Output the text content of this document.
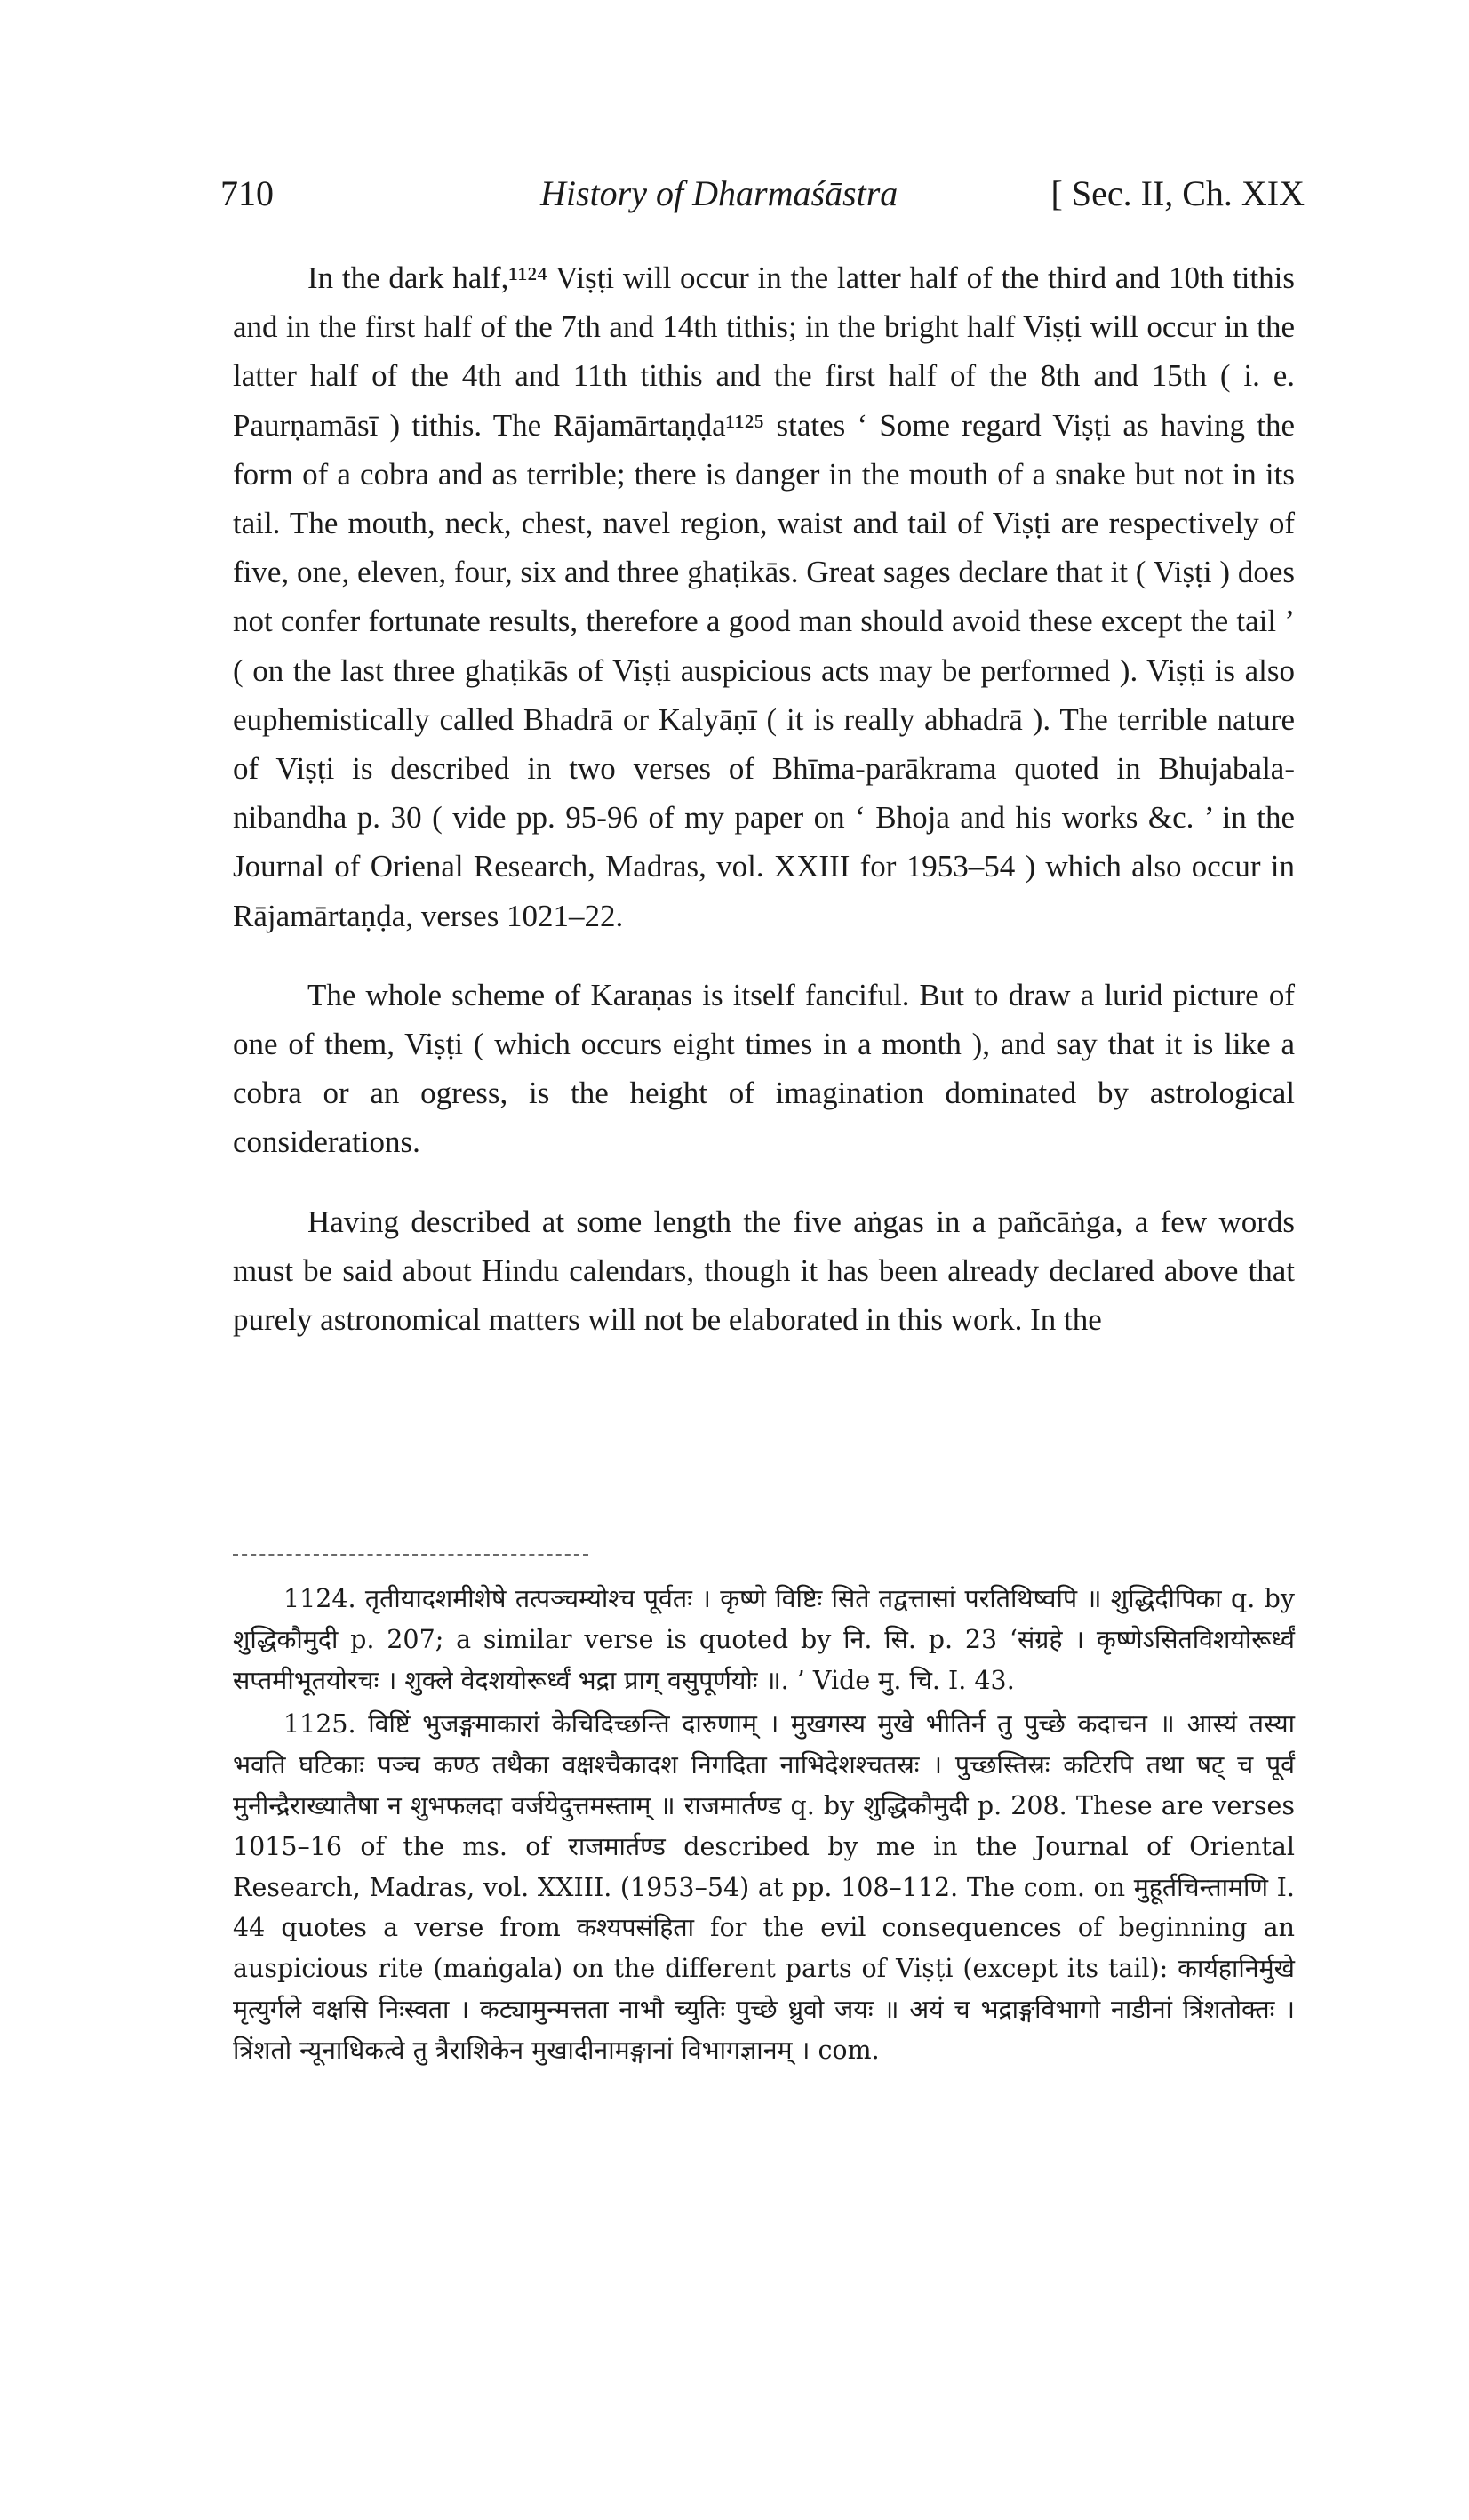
710	History of Dharmaśāstra	[ Sec. II, Ch. XIX

In the dark half,¹¹²⁴ Viṣṭi will occur in the latter half of the third and 10th tithis and in the first half of the 7th and 14th tithis; in the bright half Viṣṭi will occur in the latter half of the 4th and 11th tithis and the first half of the 8th and 15th ( i. e. Paurṇamāsī ) tithis. The Rājamārtaṇḍa¹¹²⁵ states ‘ Some regard Viṣṭi as having the form of a cobra and as terrible; there is danger in the mouth of a snake but not in its tail. The mouth, neck, chest, navel region, waist and tail of Viṣṭi are respectively of five, one, eleven, four, six and three ghaṭikās. Great sages declare that it ( Viṣṭi ) does not confer fortunate results, therefore a good man should avoid these except the tail ’ ( on the last three ghaṭikās of Viṣṭi auspicious acts may be performed ). Viṣṭi is also euphemistically called Bhadrā or Kalyāṇī ( it is really abhadrā ). The terrible nature of Viṣṭi is described in two verses of Bhīma-parākrama quoted in Bhujabala-nibandha p. 30 ( vide pp. 95-96 of my paper on ‘ Bhoja and his works &c. ’ in the Journal of Orienal Research, Madras, vol. XXIII for 1953–54 ) which also occur in Rājamārtaṇḍa, verses 1021–22.

The whole scheme of Karaṇas is itself fanciful. But to draw a lurid picture of one of them, Viṣṭi ( which occurs eight times in a month ), and say that it is like a cobra or an ogress, is the height of imagination dominated by astrological considerations.

Having described at some length the five aṅgas in a pañcāṅga, a few words must be said about Hindu calendars, though it has been already declared above that purely astronomical matters will not be elaborated in this work. In the

1124. तृतीयादशमीशेषे तत्पञ्चम्योश्च पूर्वतः । कृष्णे विष्टिः सिते तद्वत्तासां परतिथिष्वपि ॥ शुद्धिदीपिका q. by शुद्धिकौमुदी p. 207; a similar verse is quoted by नि. सि. p. 23 ‘संग्रहे । कृष्णेऽसितविशयोरूर्ध्वं सप्तमीभूतयोरचः । शुक्ले वेदशयोरूर्ध्वं भद्रा प्राग् वसुपूर्णयोः ॥. ’ Vide मु. चि. I. 43.

1125. विष्टिं भुजङ्गमाकारां केचिदिच्छन्ति दारुणाम् । मुखगस्य मुखे भीतिर्न तु पुच्छे कदाचन ॥ आस्यं तस्या भवति घटिकाः पञ्च कण्ठ तथैका वक्षश्चैकादश निगदिता नाभिदेशश्चतस्रः । पुच्छस्तिस्रः कटिरपि तथा षट् च पूर्वं मुनीन्द्रैराख्यातैषा न शुभफलदा वर्जयेदुत्तमस्ताम् ॥ राजमार्तण्ड q. by शुद्धिकौमुदी p. 208. These are verses 1015–16 of the ms. of राजमार्तण्ड described by me in the Journal of Oriental Research, Madras, vol. XXIII. (1953–54) at pp. 108–112. The com. on मुहूर्तचिन्तामणि I. 44 quotes a verse from कश्यपसंहिता for the evil consequences of beginning an auspicious rite (maṅgala) on the different parts of Viṣṭi (except its tail): कार्यहानिर्मुखे मृत्युर्गले वक्षसि निःस्वता । कट्यामुन्मत्तता नाभौ च्युतिः पुच्छे ध्रुवो जयः ॥ अयं च भद्राङ्गविभागो नाडीनां त्रिंशतोक्तः । त्रिंशतो न्यूनाधिकत्वे तु त्रैराशिकेन मुखादीनामङ्गानां विभागज्ञानम् । com.
